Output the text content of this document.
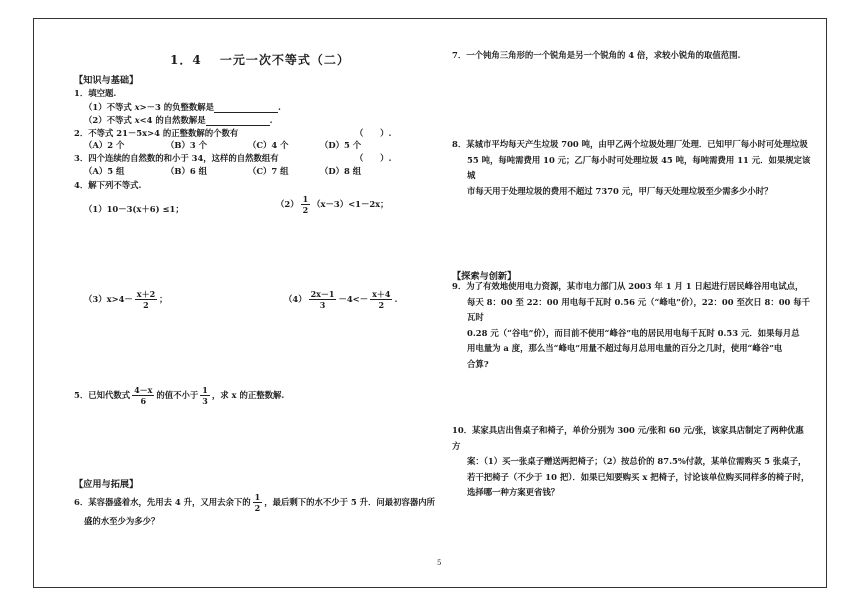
1．4　 一元一次不等式（二）
【知识与基础】
1．填空题.
（1）不等式 x>－3 的负整数解是	.
（2）不等式 x<4 的自然数解是	.
2．不等式 21－5x>4 的正整数解的个数有	（　　）.
（A）2 个	（B）3 个	（C）4 个	（D）5 个
3．四个连续的自然数的和小于 34，这样的自然数组有	（　　）.
（A）5 组	（B）6 组	（C）7 组	（D）8 组
4．解下列不等式.
（1）10－3(x＋6) ≤1；	$(2) \frac{1}{2} (x-3)<1-2x$；
$(3)x>4- \frac{x+2}{2}$ ；	$(4) \frac{2x-1}{3} -4<- \frac{x+4}{2}$ .
5．已知代数式 $\frac{4-x}{6}$ 的值不小于 $\frac{1}{3}$ ，求 x 的正整数解.
【应用与拓展】
6．某容器盛着水，先用去 4 升，又用去余下的 $\frac{1}{2}$ ，最后剩下的水不少于 5 升．问最初容器内所
盛的水至少为多少？
7．一个钝角三角形的一个锐角是另一个锐角的 4 倍，求较小锐角的取值范围.
8．某城市平均每天产生垃圾 700 吨，由甲乙两个垃圾处理厂处理．已知甲厂每小时可处理垃圾
55 吨，每吨需费用 10 元；乙厂每小时可处理垃圾 45 吨，每吨需费用 11 元．如果规定该城
市每天用于处理垃圾的费用不超过 7370 元，甲厂每天处理垃圾至少需多少小时？
【探索与创新】
9．为了有效地使用电力资源，某市电力部门从 2003 年 1 月 1 日起进行居民峰谷用电试点，
每天 8：00 至 22：00 用电每千瓦时 0.56 元（“峰电”价），22：00 至次日 8：00 每千瓦时
0.28 元（“谷电”价），而目前不使用“峰谷”电的居民用电每千瓦时 0.53 元．如果每月总
用电量为 a 度，那么当“峰电”用量不超过每月总用电量的百分之几时，使用“峰谷”电
合算?
10．某家具店出售桌子和椅子，单价分别为 300 元/张和 60 元/张，该家具店制定了两种优惠方
案：（1）买一张桌子赠送两把椅子；（2）按总价的 87.5%付款，某单位需购买 5 张桌子，
若干把椅子（不少于 10 把）．如果已知要购买 x 把椅子，讨论该单位购买同样多的椅子时，
选择哪一种方案更省钱？
5
